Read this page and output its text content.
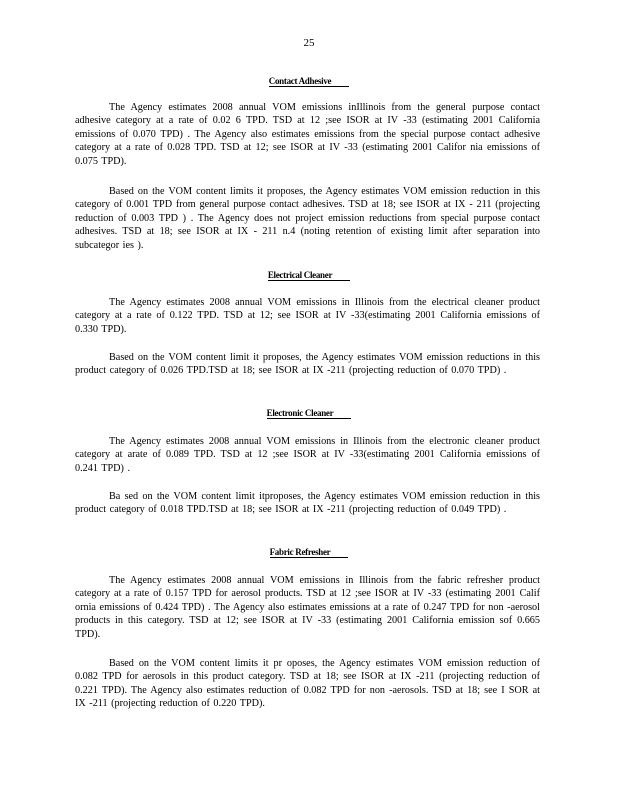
25
Contact Adhesive

The Agency estimates 2008 annual VOM emissions inIllinois from the general purpose contact adhesive category at a rate of 0.02 6 TPD. TSD at 12 ;see ISOR at IV -33 (estimating 2001 California emissions of 0.070 TPD) . The Agency also estimates emissions from the special purpose contact adhesive category at a rate of 0.028 TPD. TSD at 12; see ISOR at IV -33 (estimating 2001 Califor nia emissions of 0.075 TPD).

Based on the VOM content limits it proposes, the Agency estimates VOM emission reduction in this category of 0.001 TPD from general purpose contact adhesives. TSD at 18; see ISOR at IX - 211 (projecting reduction of 0.003 TPD ) . The Agency does not project emission reductions from special purpose contact adhesives. TSD at 18; see ISOR at IX - 211 n.4 (noting retention of existing limit after separation into subcategor ies ).

Electrical Cleaner

The Agency estimates 2008 annual VOM emissions in Illinois from the electrical cleaner product category at a rate of 0.122 TPD. TSD at 12; see ISOR at IV -33(estimating 2001 California emissions of 0.330 TPD).

Based on the VOM content limit it proposes, the Agency estimates VOM emission reductions in this product category of 0.026 TPD.TSD at 18; see ISOR at IX -211 (projecting reduction of 0.070 TPD) .

Electronic Cleaner

The Agency estimates 2008 annual VOM emissions in Illinois from the electronic cleaner product category at arate of 0.089 TPD. TSD at 12 ;see ISOR at IV -33(estimating 2001 California emissions of 0.241 TPD) .

Ba sed on the VOM content limit itproposes, the Agency estimates VOM emission reduction in this product category of 0.018 TPD.TSD at 18; see ISOR at IX -211 (projecting reduction of 0.049 TPD) .

Fabric Refresher

The Agency estimates 2008 annual VOM emissions in Illinois from the fabric refresher product category at a rate of 0.157 TPD for aerosol products. TSD at 12 ;see ISOR at IV -33 (estimating 2001 Calif ornia emissions of 0.424 TPD) . The Agency also estimates emissions at a rate of 0.247 TPD for non -aerosol products in this category. TSD at 12; see ISOR at IV -33 (estimating 2001 California emission sof 0.665 TPD).

Based on the VOM content limits it pr oposes, the Agency estimates VOM emission reduction of 0.082 TPD for aerosols in this product category. TSD at 18; see ISOR at IX -211 (projecting reduction of 0.221 TPD). The Agency also estimates reduction of 0.082 TPD for non -aerosols. TSD at 18; see I SOR at IX -211 (projecting reduction of 0.220 TPD).
